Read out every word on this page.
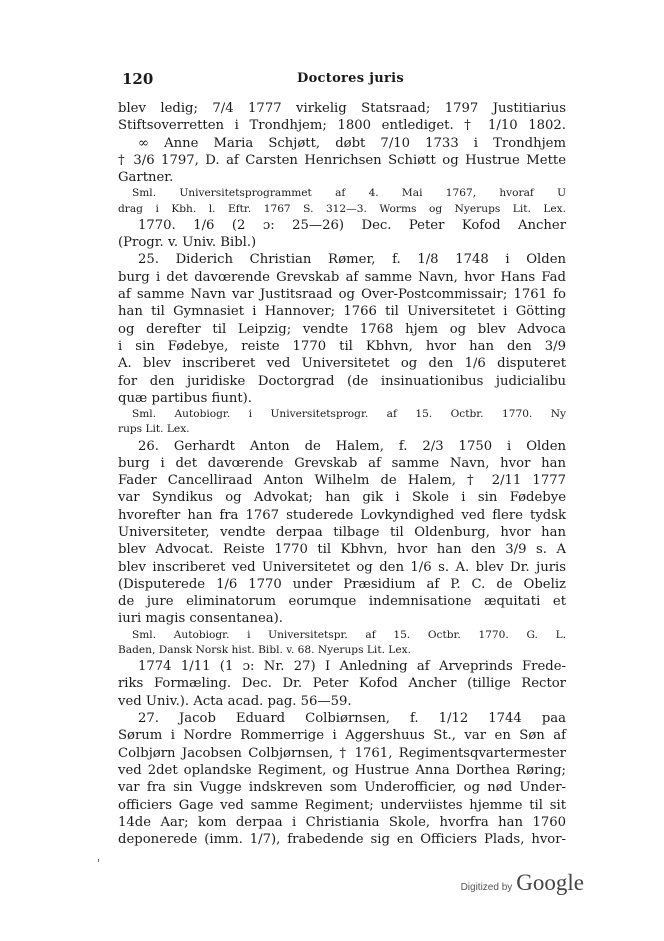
120	Doctores juris
blev ledig; 7/4 1777 virkelig Statsraad; 1797 Justitiarius
Stiftsoverretten i Trondhjem; 1800 entlediget. † 1/10 1802.
∞ Anne Maria Schjøtt, døbt 7/10 1733 i Trondhjem
† 3/6 1797, D. af Carsten Henrichsen Schiøtt og Hustrue Mette
Gartner.
Sml. Universitetsprogrammet af 4. Mai 1767, hvoraf U
drag i Kbh. l. Eftr. 1767 S. 312—3. Worms og Nyerups Lit. Lex.
1770. 1/6 (2 ɔ: 25—26) Dec. Peter Kofod Ancher
(Progr. v. Univ. Bibl.)
25. Diderich Christian Rømer, f. 1/8 1748 i Olden
burg i det davœrende Grevskab af samme Navn, hvor Hans Fad
af samme Navn var Justitsraad og Over-Postcommissair; 1761 fo
han til Gymnasiet i Hannover; 1766 til Universitetet i Götting
og derefter til Leipzig; vendte 1768 hjem og blev Advoca
i sin Fødebye, reiste 1770 til Kbhvn, hvor han den 3/9
A. blev inscriberet ved Universitetet og den 1/6 disputeret
for den juridiske Doctorgrad (de insinuationibus judicialibu
quæ partibus fiunt).
Sml. Autobiogr. i Universitetsprogr. af 15. Octbr. 1770. Ny
rups Lit. Lex.
26. Gerhardt Anton de Halem, f. 2/3 1750 i Olden
burg i det davœrende Grevskab af samme Navn, hvor han
Fader Cancelliraad Anton Wilhelm de Halem, † 2/11 1777
var Syndikus og Advokat; han gik i Skole i sin Fødebye
hvorefter han fra 1767 studerede Lovkyndighed ved flere tydsk
Universiteter, vendte derpaa tilbage til Oldenburg, hvor han
blev Advocat. Reiste 1770 til Kbhvn, hvor han den 3/9 s. A
blev inscriberet ved Universitetet og den 1/6 s. A. blev Dr. juris
(Disputerede 1/6 1770 under Præsidium af P. C. de Obeliz
de jure eliminatorum eorumque indemnisatione æquitati et
iuri magis consentanea).
Sml. Autobiogr. i Universitetspr. af 15. Octbr. 1770. G. L.
Baden, Dansk Norsk hist. Bibl. v. 68. Nyerups Lit. Lex.
1774 1/11 (1 ɔ: Nr. 27) I Anledning af Arveprinds Frede-
riks Formæling. Dec. Dr. Peter Kofod Ancher (tillige Rector
ved Univ.). Acta acad. pag. 56—59.
27. Jacob Eduard Colbiørnsen, f. 1/12 1744 paa
Sørum i Nordre Rommerrige i Aggershuus St., var en Søn af
Colbjørn Jacobsen Colbjørnsen, † 1761, Regimentsqvartermester
ved 2det oplandske Regiment, og Hustrue Anna Dorthea Røring;
var fra sin Vugge indskreven som Underofficier, og nød Under-
officiers Gage ved samme Regiment; underviistes hjemme til sit
14de Aar; kom derpaa i Christiania Skole, hvorfra han 1760
deponerede (imm. 1/7), frabedende sig en Officiers Plads, hvor-
'
Digitized by Google
